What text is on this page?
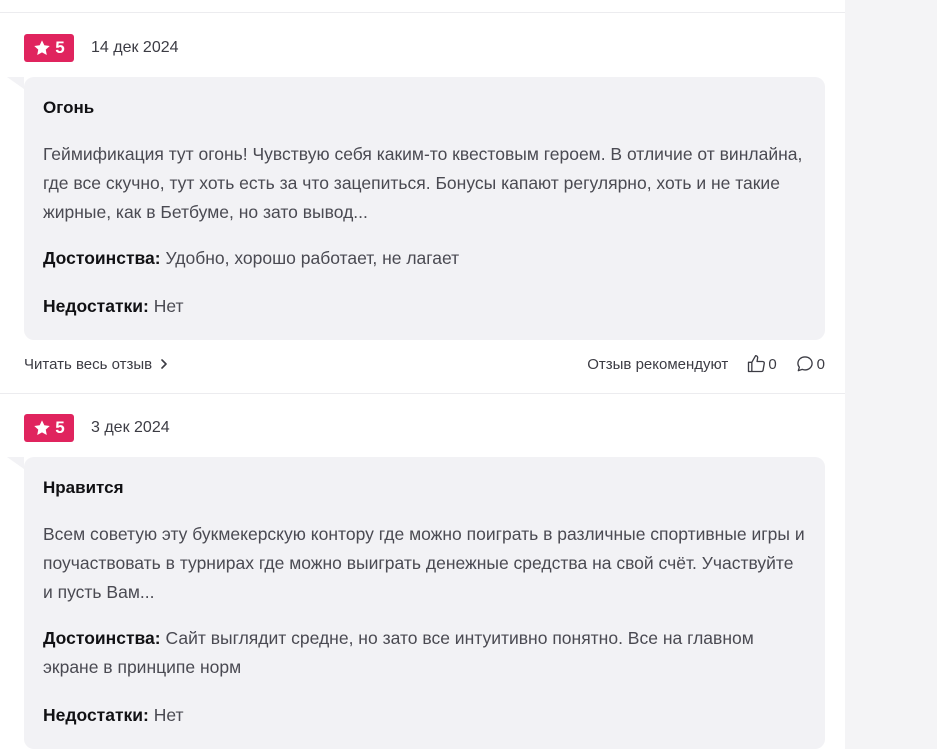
5 14 дек 2024

Огонь

Геймификация тут огонь! Чувствую себя каким-то квестовым героем. В отличие от винлайна, где все скучно, тут хоть есть за что зацепиться. Бонусы капают регулярно, хоть и не такие жирные, как в Бетбуме, но зато вывод...

Достоинства: Удобно, хорошо работает, не лагает

Недостатки: Нет

Читать весь отзыв	Отзыв рекомендуют	0	0
5 3 дек 2024

Нравится

Всем советую эту букмекерскую контору где можно поиграть в различные спортивные игры и поучаствовать в турнирах где можно выиграть денежные средства на свой счёт. Участвуйте и пусть Вам...

Достоинства: Сайт выглядит средне, но зато все интуитивно понятно. Все на главном экране в принципе норм

Недостатки: Нет
